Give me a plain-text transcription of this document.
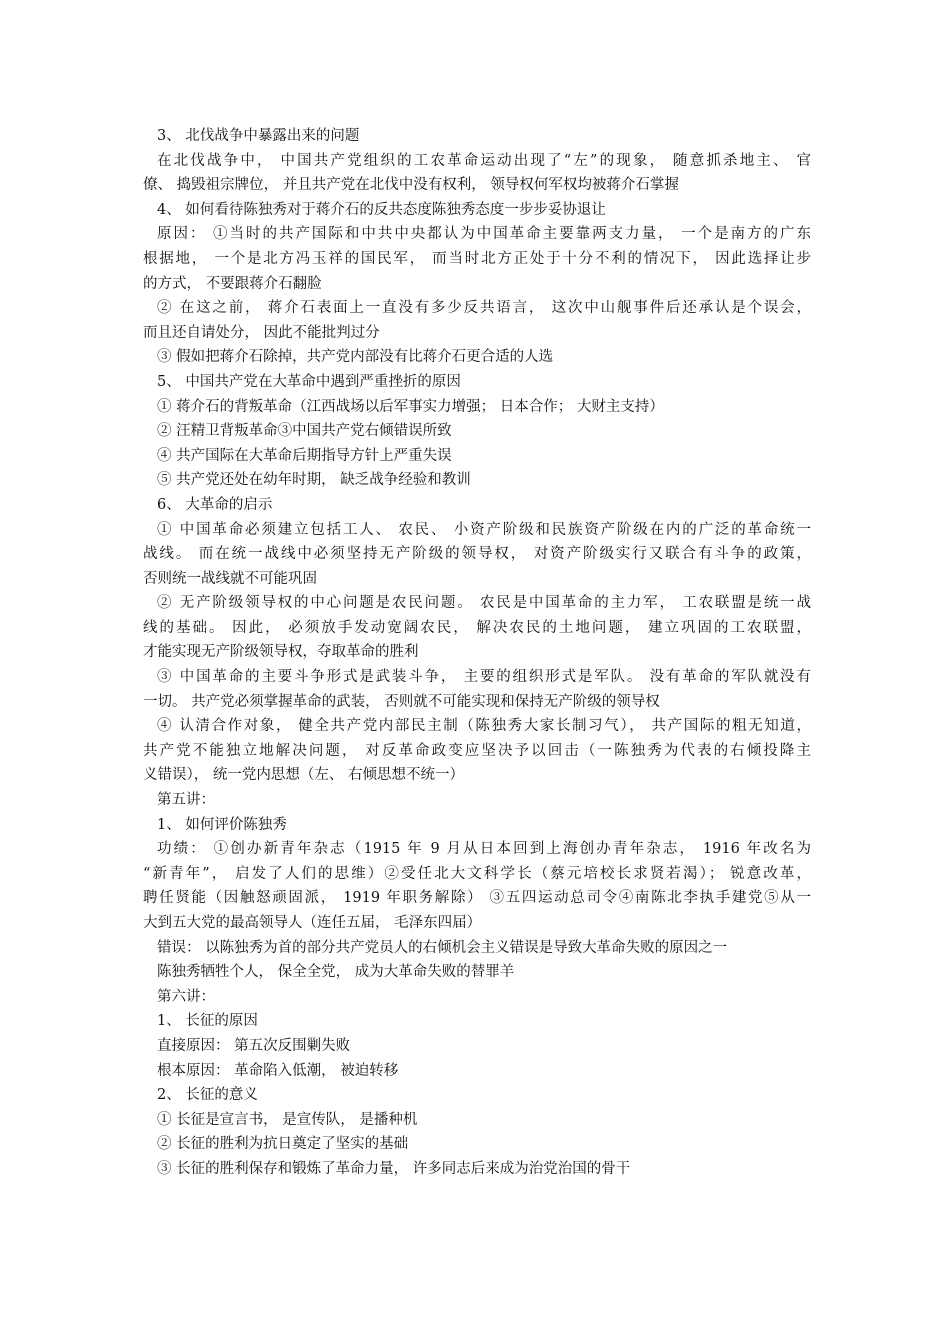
3、 北伐战争中暴露出来的问题
在北伐战争中， 中国共产党组织的工农革命运动出现了“左”的现象， 随意抓杀地主、 官
僚、 捣毁祖宗牌位， 并且共产党在北伐中没有权利， 领导权何军权均被蒋介石掌握
4、 如何看待陈独秀对于蒋介石的反共态度陈独秀态度一步步妥协退让
原因： ①当时的共产国际和中共中央都认为中国革命主要靠两支力量， 一个是南方的广东
根据地， 一个是北方冯玉祥的国民军， 而当时北方正处于十分不利的情况下， 因此选择让步
的方式， 不要跟蒋介石翻脸
② 在这之前， 蒋介石表面上一直没有多少反共语言， 这次中山舰事件后还承认是个误会，
而且还自请处分， 因此不能批判过分
③ 假如把蒋介石除掉，共产党内部没有比蒋介石更合适的人选
5、 中国共产党在大革命中遇到严重挫折的原因
① 蒋介石的背叛革命（江西战场以后军事实力增强； 日本合作； 大财主支持）
② 汪精卫背叛革命③中国共产党右倾错误所致
④ 共产国际在大革命后期指导方针上严重失误
⑤ 共产党还处在幼年时期， 缺乏战争经验和教训
6、 大革命的启示
① 中国革命必须建立包括工人、 农民、 小资产阶级和民族资产阶级在内的广泛的革命统一
战线。 而在统一战线中必须坚持无产阶级的领导权， 对资产阶级实行又联合有斗争的政策，
否则统一战线就不可能巩固
② 无产阶级领导权的中心问题是农民问题。 农民是中国革命的主力军， 工农联盟是统一战
线的基础。 因此， 必须放手发动宽阔农民， 解决农民的土地问题， 建立巩固的工农联盟，
才能实现无产阶级领导权，夺取革命的胜利
③ 中国革命的主要斗争形式是武装斗争， 主要的组织形式是军队。 没有革命的军队就没有
一切。 共产党必须掌握革命的武装， 否则就不可能实现和保持无产阶级的领导权
④ 认清合作对象， 健全共产党内部民主制（陈独秀大家长制习气）， 共产国际的粗无知道，
共产党不能独立地解决问题， 对反革命政变应坚决予以回击（一陈独秀为代表的右倾投降主
义错误）， 统一党内思想（左、 右倾思想不统一）
第五讲：
1、 如何评价陈独秀
功绩： ①创办新青年杂志（1915 年 9 月从日本回到上海创办青年杂志， 1916 年改名为
“新青年”， 启发了人们的思维）②受任北大文科学长（蔡元培校长求贤若渴）； 锐意改革，
聘任贤能（因触怒顽固派， 1919 年职务解除） ③五四运动总司令④南陈北李执手建党⑤从一
大到五大党的最高领导人（连任五届， 毛泽东四届）
错误： 以陈独秀为首的部分共产党员人的右倾机会主义错误是导致大革命失败的原因之一
陈独秀牺牲个人， 保全全党， 成为大革命失败的替罪羊
第六讲：
1、 长征的原因
直接原因： 第五次反围剿失败
根本原因： 革命陷入低潮， 被迫转移
2、 长征的意义
① 长征是宣言书， 是宣传队， 是播种机
② 长征的胜利为抗日奠定了坚实的基础
③ 长征的胜利保存和锻炼了革命力量， 许多同志后来成为治党治国的骨干
